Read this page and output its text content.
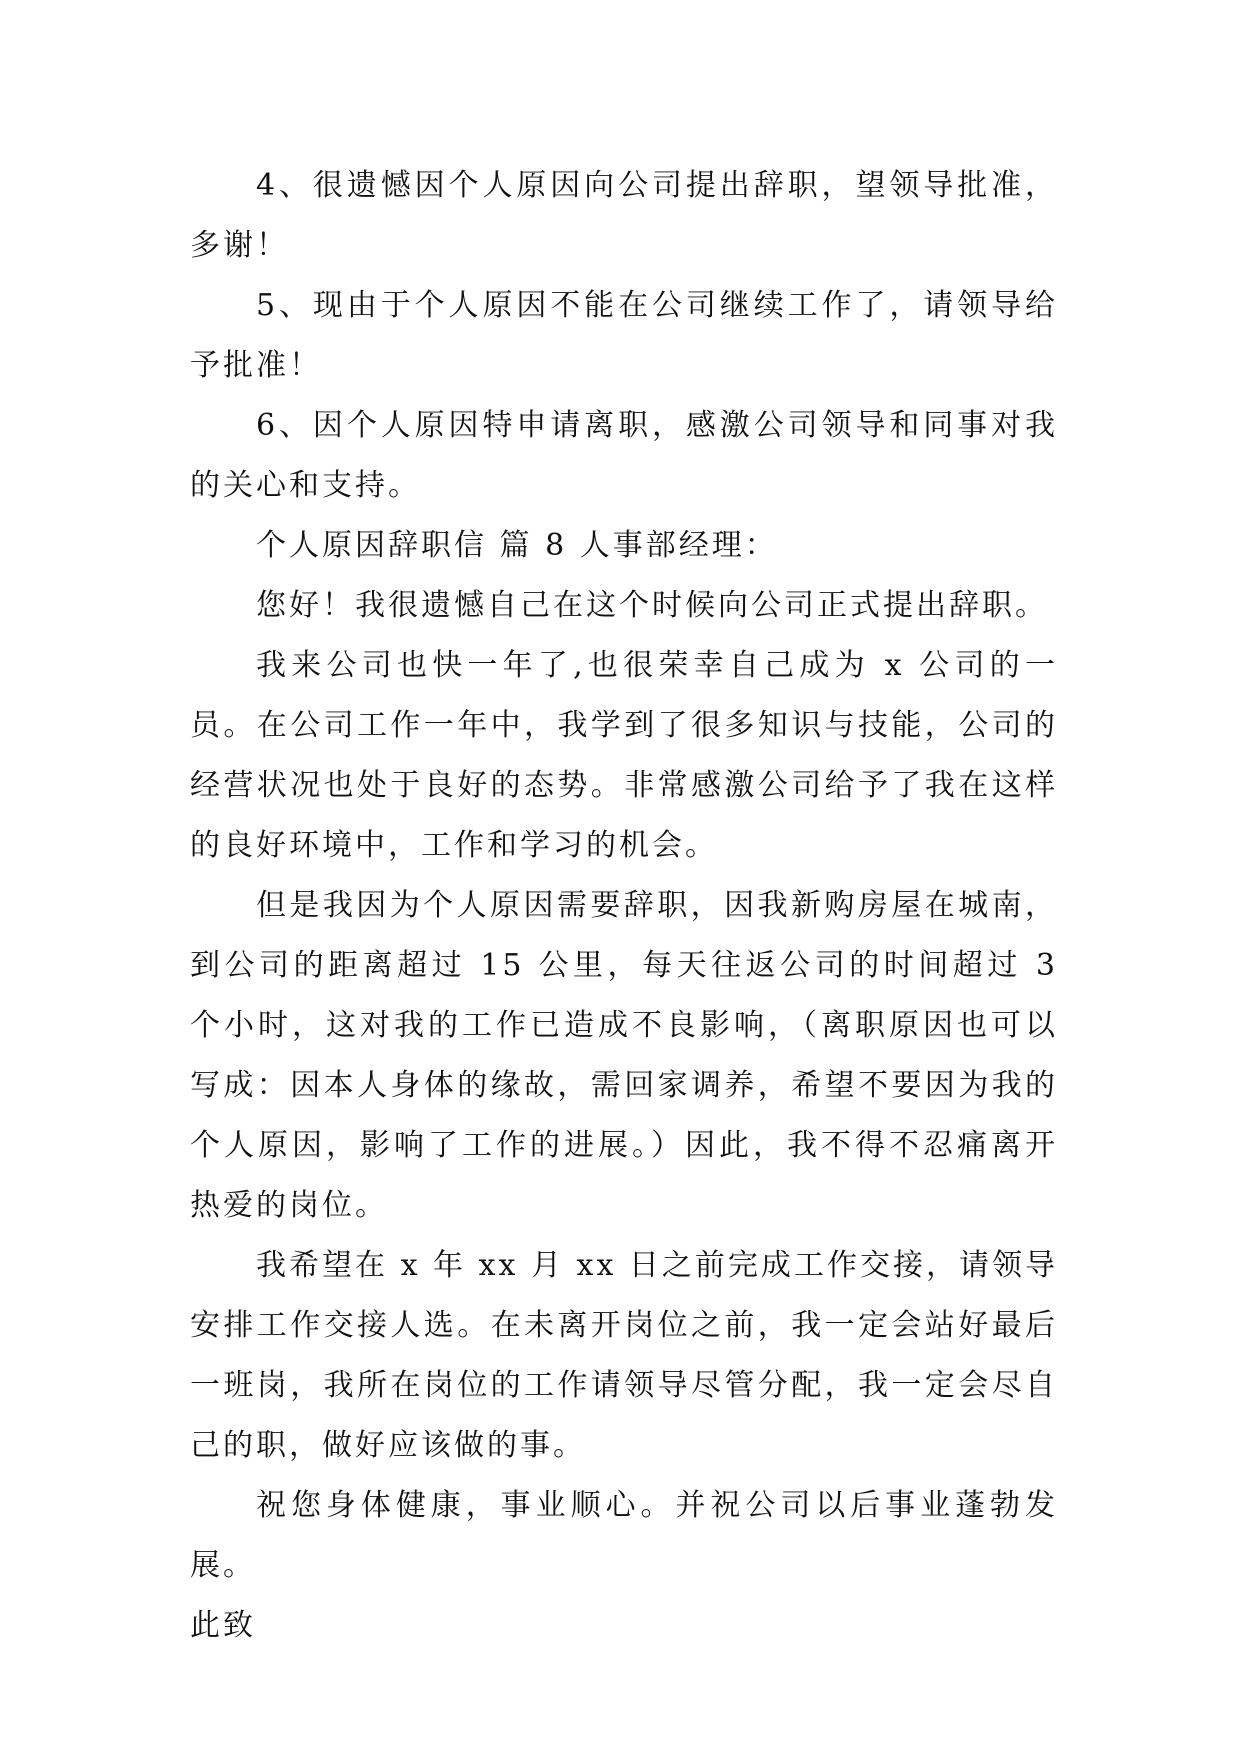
4、很遗憾因个人原因向公司提出辞职，望领导批准，多谢！

5、现由于个人原因不能在公司继续工作了，请领导给予批准！

6、因个人原因特申请离职，感激公司领导和同事对我的关心和支持。

个人原因辞职信 篇 8 人事部经理：

您好！我很遗憾自己在这个时候向公司正式提出辞职。

我来公司也快一年了,也很荣幸自己成为 x 公司的一员。在公司工作一年中，我学到了很多知识与技能，公司的经营状况也处于良好的态势。非常感激公司给予了我在这样的良好环境中，工作和学习的机会。

但是我因为个人原因需要辞职，因我新购房屋在城南，到公司的距离超过 15 公里，每天往返公司的时间超过 3 个小时，这对我的工作已造成不良影响，（离职原因也可以写成：因本人身体的缘故，需回家调养，希望不要因为我的个人原因，影响了工作的进展。）因此，我不得不忍痛离开热爱的岗位。

我希望在 x 年 xx 月 xx 日之前完成工作交接，请领导安排工作交接人选。在未离开岗位之前，我一定会站好最后一班岗，我所在岗位的工作请领导尽管分配，我一定会尽自己的职，做好应该做的事。

祝您身体健康，事业顺心。并祝公司以后事业蓬勃发展。

此致
